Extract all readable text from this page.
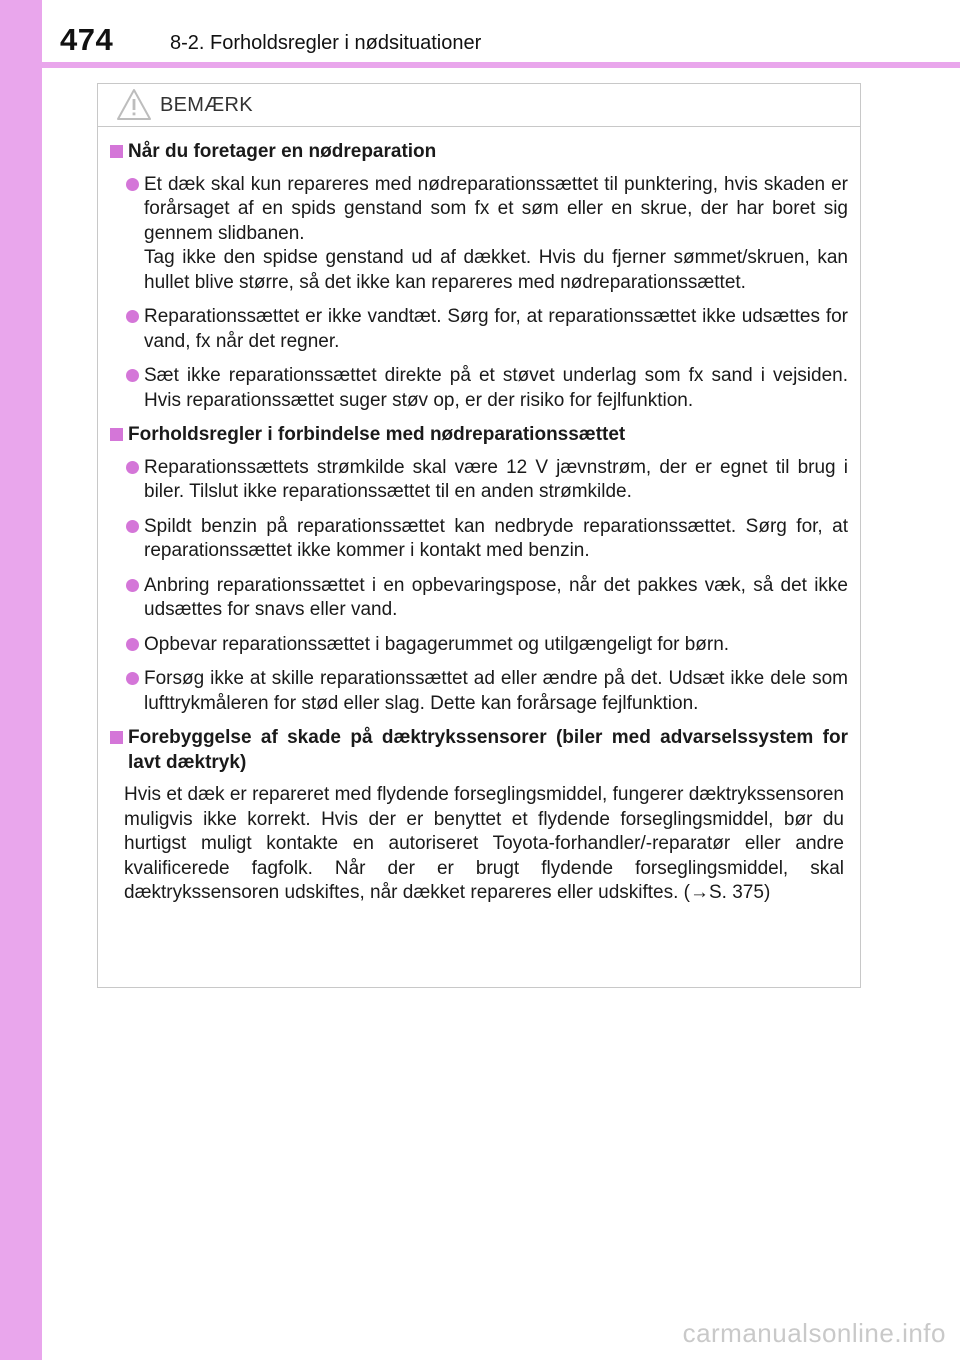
474	8-2. Forholdsregler i nødsituationer
BEMÆRK
Når du foretager en nødreparation
Et dæk skal kun repareres med nødreparationssættet til punktering, hvis skaden er forårsaget af en spids genstand som fx et søm eller en skrue, der har boret sig gennem slidbanen.
Tag ikke den spidse genstand ud af dækket. Hvis du fjerner sømmet/skruen, kan hullet blive større, så det ikke kan repareres med nødreparationssættet.
Reparationssættet er ikke vandtæt. Sørg for, at reparationssættet ikke udsættes for vand, fx når det regner.
Sæt ikke reparationssættet direkte på et støvet underlag som fx sand i vejsiden. Hvis reparationssættet suger støv op, er der risiko for fejlfunktion.
Forholdsregler i forbindelse med nødreparationssættet
Reparationssættets strømkilde skal være 12 V jævnstrøm, der er egnet til brug i biler. Tilslut ikke reparationssættet til en anden strømkilde.
Spildt benzin på reparationssættet kan nedbryde reparationssættet. Sørg for, at reparationssættet ikke kommer i kontakt med benzin.
Anbring reparationssættet i en opbevaringspose, når det pakkes væk, så det ikke udsættes for snavs eller vand.
Opbevar reparationssættet i bagagerummet og utilgængeligt for børn.
Forsøg ikke at skille reparationssættet ad eller ændre på det. Udsæt ikke dele som lufttrykmåleren for stød eller slag. Dette kan forårsage fejlfunktion.
Forebyggelse af skade på dæktrykssensorer (biler med advarselssystem for lavt dæktryk)
Hvis et dæk er repareret med flydende forseglingsmiddel, fungerer dæktrykssensoren muligvis ikke korrekt. Hvis der er benyttet et flydende forseglingsmiddel, bør du hurtigst muligt kontakte en autoriseret Toyota-forhandler/-reparatør eller andre kvalificerede fagfolk. Når der er brugt flydende forseglingsmiddel, skal dæktrykssensoren udskiftes, når dækket repareres eller udskiftes. (→S. 375)
carmanualsonline.info
